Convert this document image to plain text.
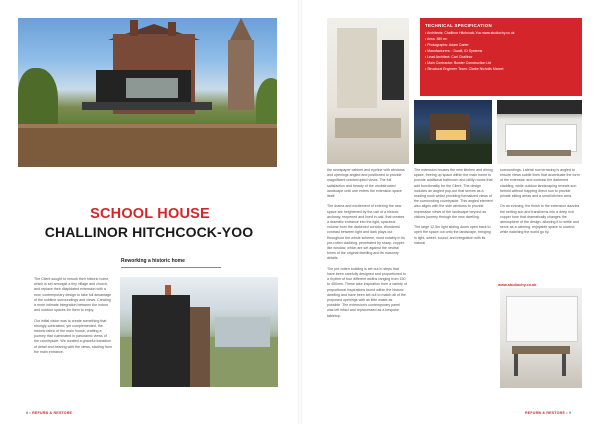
SCHOOL HOUSE
CHALLINOR HITCHCOCK-YOO
Reworking a historic home
The Client sought to rework their historic home, which is set amongst a tiny village and church, and replace their dilapidated extension with a new, contemporary design to take full advantage of the sublime surroundings and views. Creating a more intimate integration between the indoor and outdoor spaces for them to enjoy.

Our initial vision was to create something that strongly contrasted, yet complemented, the historic fabric of the main house, crafting a journey that culminated in panoramic views of the countryside. We curated a graceful transition of detail and bearing with the views, starting from the main entrance.
8 • REFURB & RESTORE
the newspaper cabinet and eyeline with windows and openings angled and positioned to provide magnificent uninterrupted views. The full satisfaction and beauty of the unobstructed landscape until one enters the extension space itself.

The drama and excitement of entering the new space are heightened by the use of a historic archway, reopened and lined in oak, that creates a dramatic entrance into the light, spacious volume from the darkened corridor. Wonderful contrast between light and dark plays out throughout the whole scheme, most notably in its pre-rotten cladding, penetrated by sharp, copper-like window, which are set against the neutral tones of the original dwelling and its masonry details.

The pre-rotten building is set out in steps that have been carefully designed and proportioned to a rhythm of four different widths ranging from 150 to 450mm. These take inspiration from a variety of proportional inspirations found within the historic dwelling and have been set out to match all of the proposed openings with as little waste as possible. The extension's contemporary panel was left intact and reprocessed as a bespoke tabletop.
TECHNICAL SPECIFICATION
• Architects: Challinor Hitchcock-Yoo www.studiochy.co.uk
• Area: 380 m²
• Photographs: Adam Carter
• Manufacturers: : Dualit, ID Systems
• Lead Architect: Carl Challinor
• Main Contractor: Bowler Construction Ltd
• Structural Engineer Team: Clarke Nicholls Marcel
The extension houses the new kitchen and dining space, freeing up space within the main home to provide additional bathroom and utility rooms that add functionality for the Client. The design includes an angled pop-out that serves as a reading nook whilst providing formalized views of the surrounding countryside. This angled element also aligns with the side windows to provide impressive views of the landscape beyond as visitors journey through the new dwelling.

The large 12.5m light sliding doors open back to open the space out onto the landscape, bringing in light, sweet, sound, and integration with its natural
surroundings. Lateral row terracing is angled to ensure views subtle lines that accentuate the form of the extension and contrast the darkened cladding, while outdoor landscaping reveals sun behind without trapping direct sun to provide private sitting areas and a small kitchen area.

On an evening, the finish to the extension dazzles the setting sun and transforms into a deep rich copper tone that dramatically changes the atmosphere of the design, allowing it to settle and serve as a calming, enjoyable space to unwind while watching the world go by.
www.studiochy.co.uk
REFURB & RESTORE • 9
